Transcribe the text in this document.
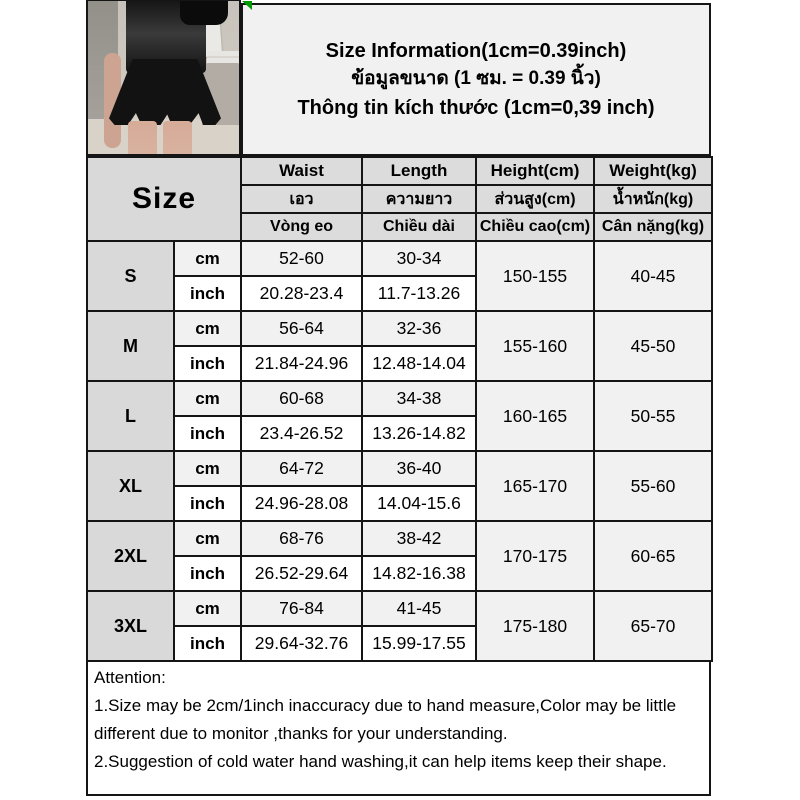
Size Information(1cm=0.39inch)
ข้อมูลขนาด (1 ซม. = 0.39 นิ้ว)
Thông tin kích thước (1cm=0,39 inch)
Size		Waist	Length	Height(cm)	Weight(kg)
		เอว	ความยาว	ส่วนสูง(cm)	น้ำหนัก(kg)
		Vòng eo	Chiều dài	Chiều cao(cm)	Cân nặng(kg)
S	cm	52-60	30-34	150-155	40-45
	inch	20.28-23.4	11.7-13.26		
M	cm	56-64	32-36	155-160	45-50
	inch	21.84-24.96	12.48-14.04		
L	cm	60-68	34-38	160-165	50-55
	inch	23.4-26.52	13.26-14.82		
XL	cm	64-72	36-40	165-170	55-60
	inch	24.96-28.08	14.04-15.6		
2XL	cm	68-76	38-42	170-175	60-65
	inch	26.52-29.64	14.82-16.38		
3XL	cm	76-84	41-45	175-180	65-70
	inch	29.64-32.76	15.99-17.55		
Attention:
1.Size may be 2cm/1inch inaccuracy due to hand measure,Color may be little different due to monitor ,thanks for your understanding.
2.Suggestion of cold water hand washing,it can help items keep their shape.
